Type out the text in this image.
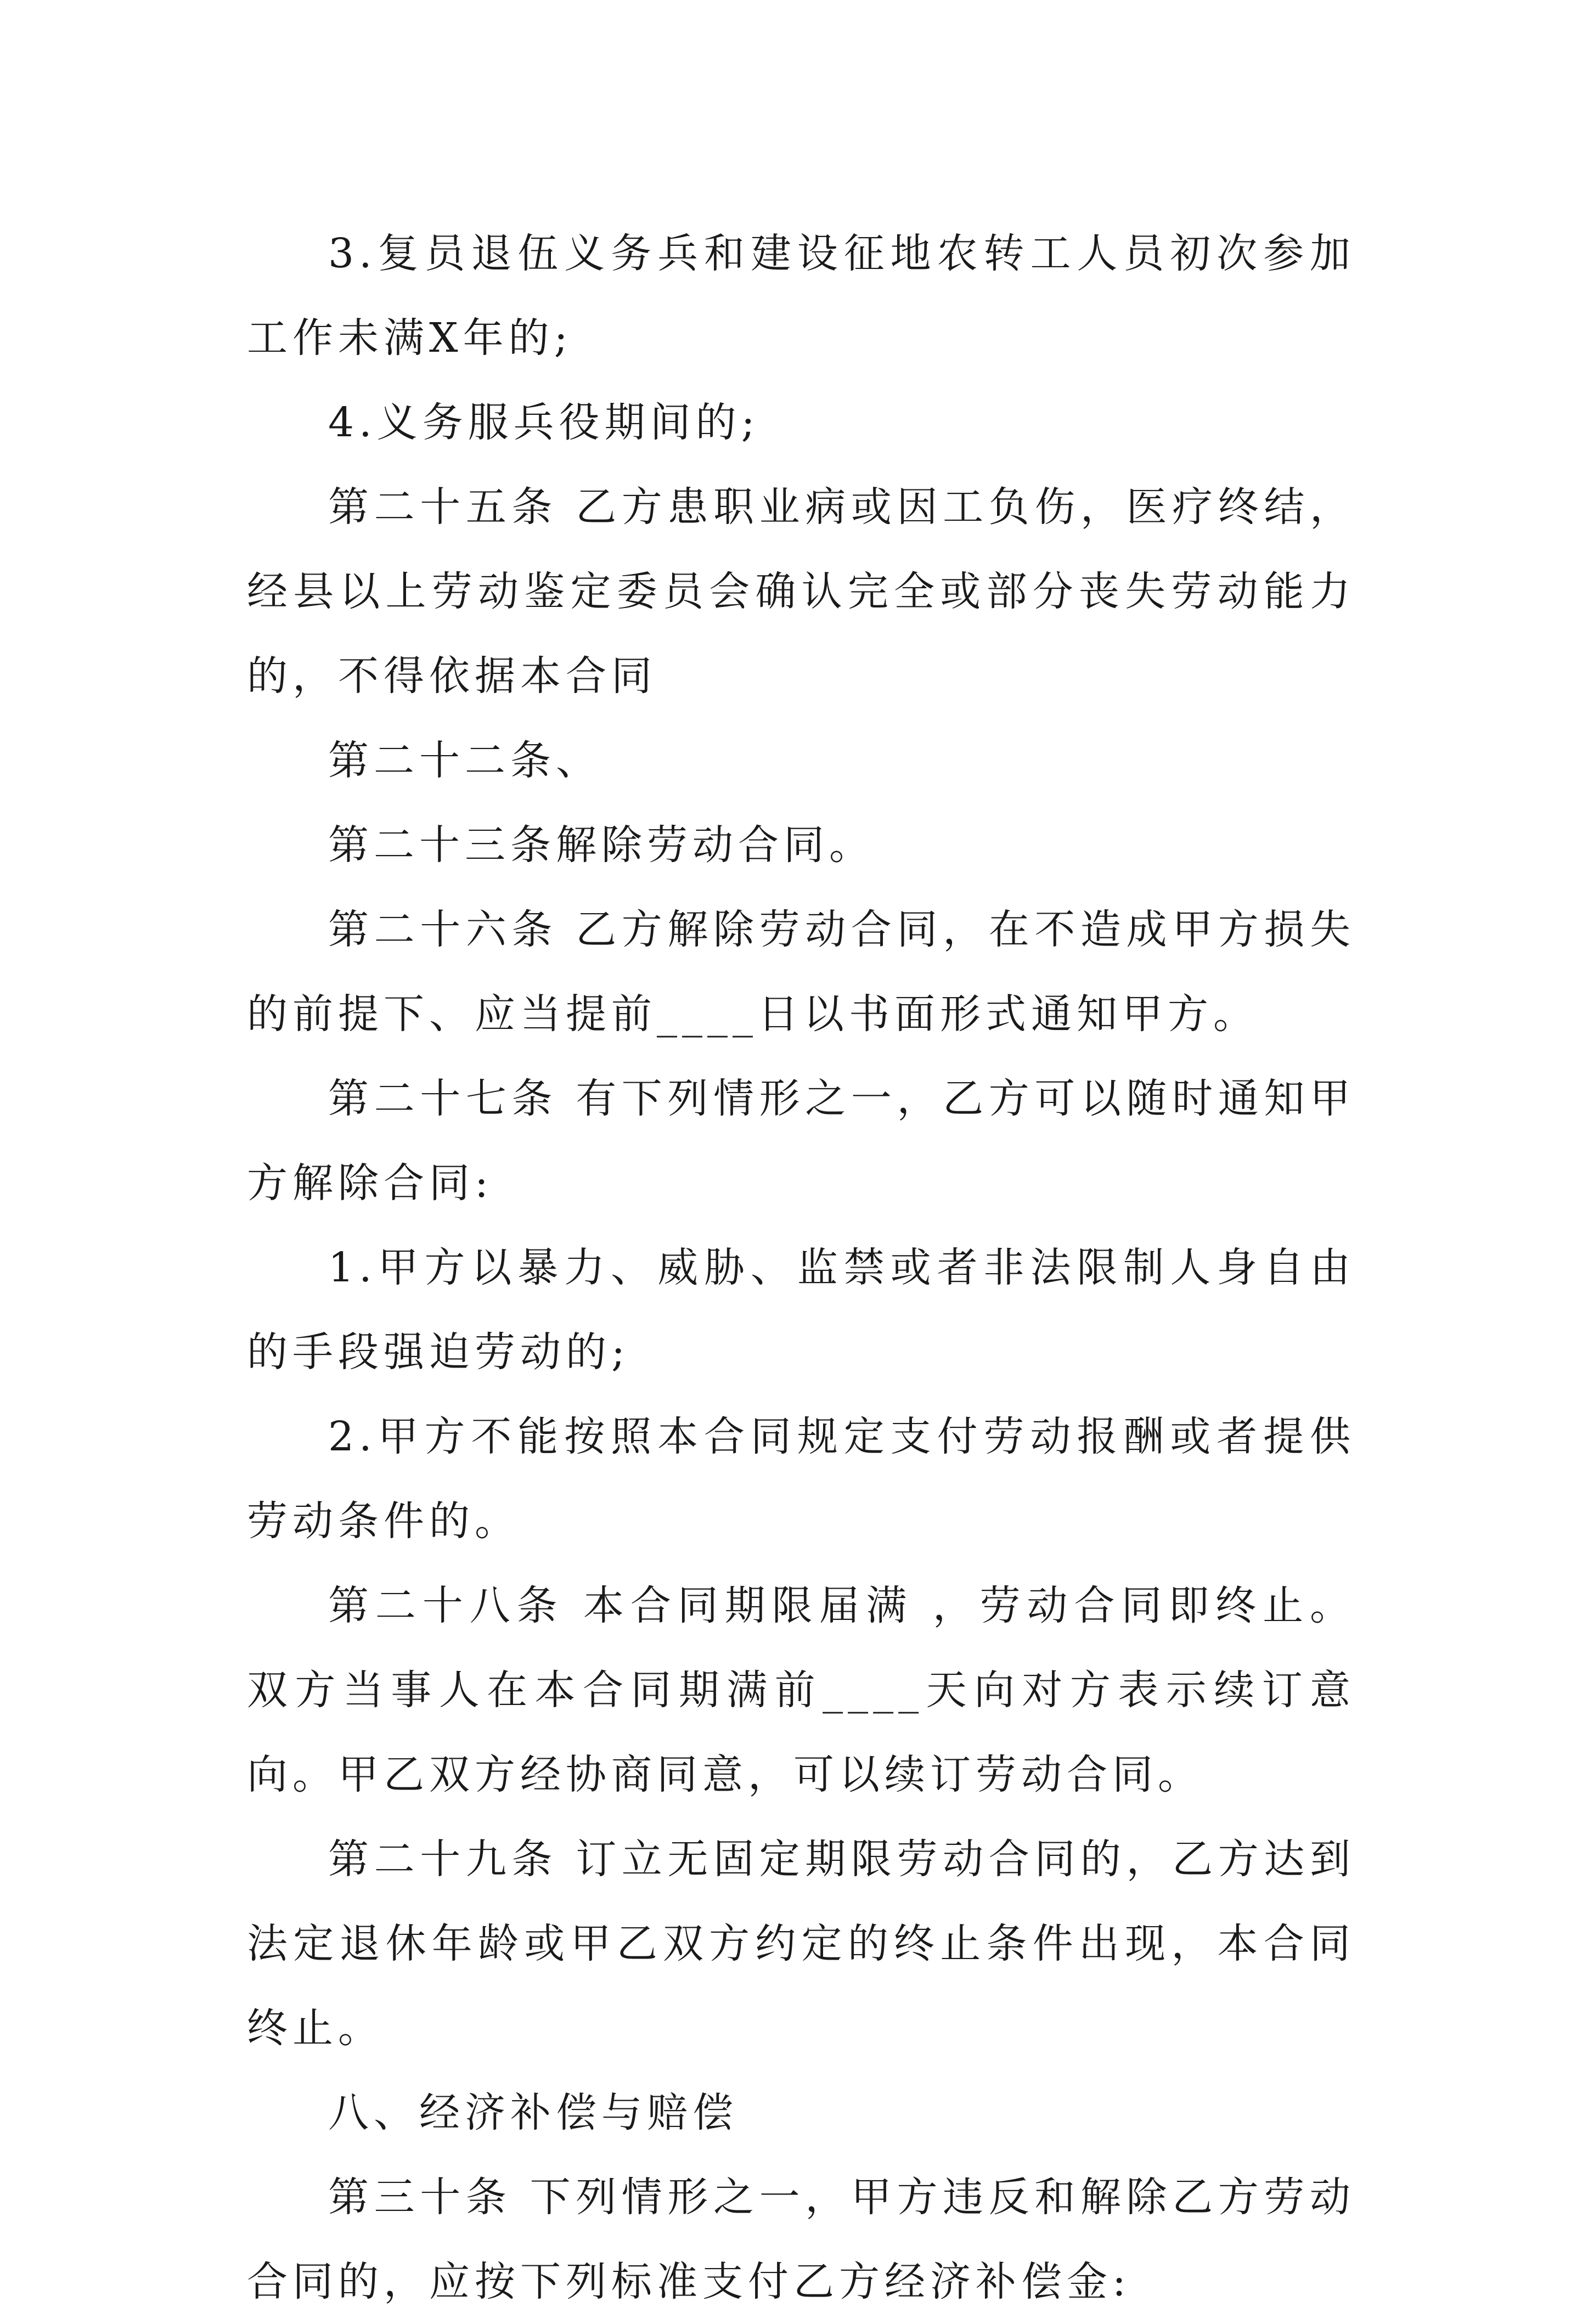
3.复员退伍义务兵和建设征地农转工人员初次参加工作未满X年的;

4.义务服兵役期间的;

第二十五条 乙方患职业病或因工负伤，医疗终结，经县以上劳动鉴定委员会确认完全或部分丧失劳动能力的，不得依据本合同

第二十二条、

第二十三条解除劳动合同。

第二十六条 乙方解除劳动合同，在不造成甲方损失的前提下、应当提前____日以书面形式通知甲方。

第二十七条 有下列情形之一，乙方可以随时通知甲方解除合同:

1.甲方以暴力、威胁、监禁或者非法限制人身自由的手段强迫劳动的;

2.甲方不能按照本合同规定支付劳动报酬或者提供劳动条件的。

第二十八条 本合同期限届满 ，劳动合同即终止。双方当事人在本合同期满前____天向对方表示续订意向。甲乙双方经协商同意，可以续订劳动合同。

第二十九条 订立无固定期限劳动合同的，乙方达到法定退休年龄或甲乙双方约定的终止条件出现，本合同终止。

八、经济补偿与赔偿

第三十条 下列情形之一，甲方违反和解除乙方劳动合同的，应按下列标准支付乙方经济补偿金:
